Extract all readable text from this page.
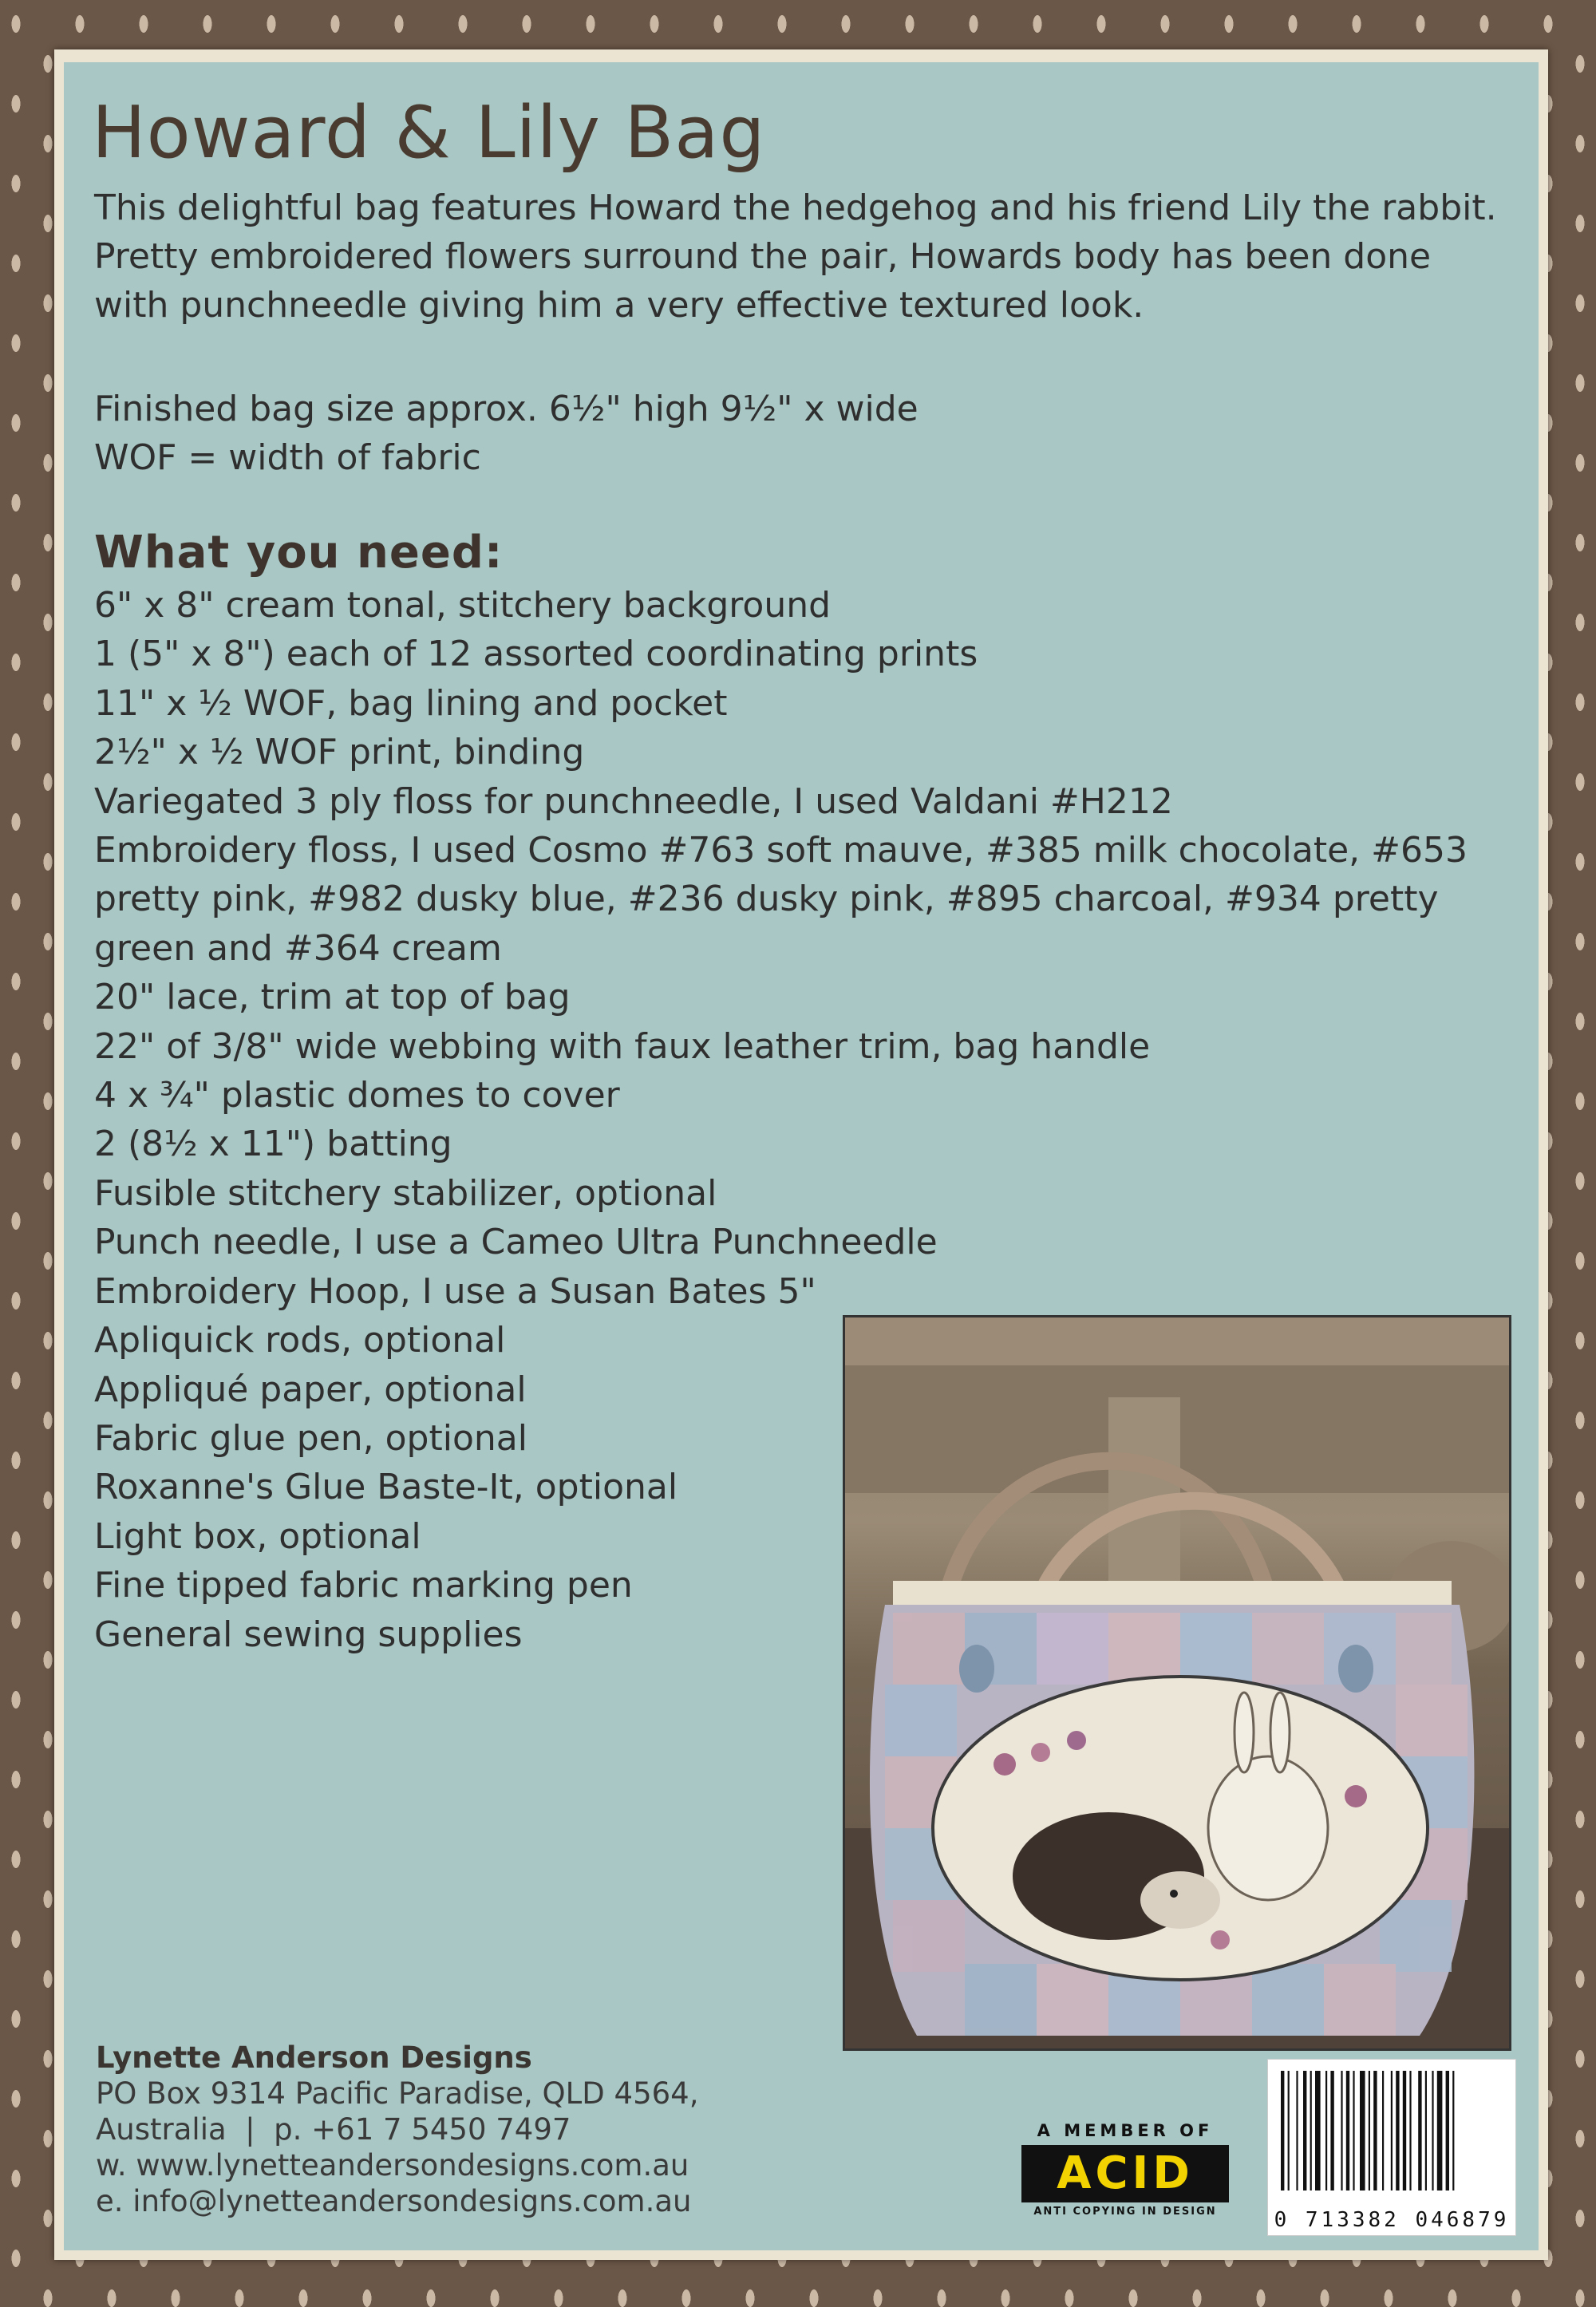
Howard & Lily Bag

This delightful bag features Howard the hedgehog and his friend Lily the rabbit. Pretty embroidered flowers surround the pair, Howards body has been done with punchneedle giving him a very effective textured look.

Finished bag size approx. 6½" high 9½" x wide
WOF = width of fabric
What you need:
6" x 8" cream tonal, stitchery background
1 (5" x 8") each of 12 assorted coordinating prints
11" x ½ WOF, bag lining and pocket
2½" x ½ WOF print, binding
Variegated 3 ply floss for punchneedle, I used Valdani #H212
Embroidery floss, I used Cosmo #763 soft mauve, #385 milk chocolate, #653 pretty pink, #982 dusky blue, #236 dusky pink, #895 charcoal, #934 pretty green and #364 cream
20" lace, trim at top of bag
22" of 3/8" wide webbing with faux leather trim, bag handle
4 x ¾" plastic domes to cover
2 (8½ x 11") batting
Fusible stitchery stabilizer, optional
Punch needle, I use a Cameo Ultra Punchneedle
Embroidery Hoop, I use a Susan Bates 5"
Apliquick rods, optional
Appliqué paper, optional
Fabric glue pen, optional
Roxanne's Glue Baste-It, optional
Light box, optional
Fine tipped fabric marking pen
General sewing supplies
Lynette Anderson Designs
PO Box 9314 Pacific Paradise, QLD 4564,
Australia  |  p. +61 7 5450 7497
w. www.lynetteandersondesigns.com.au
e. info@lynetteandersondesigns.com.au
A MEMBER OF
ACID
ANTI COPYING IN DESIGN	0 713382 046879
